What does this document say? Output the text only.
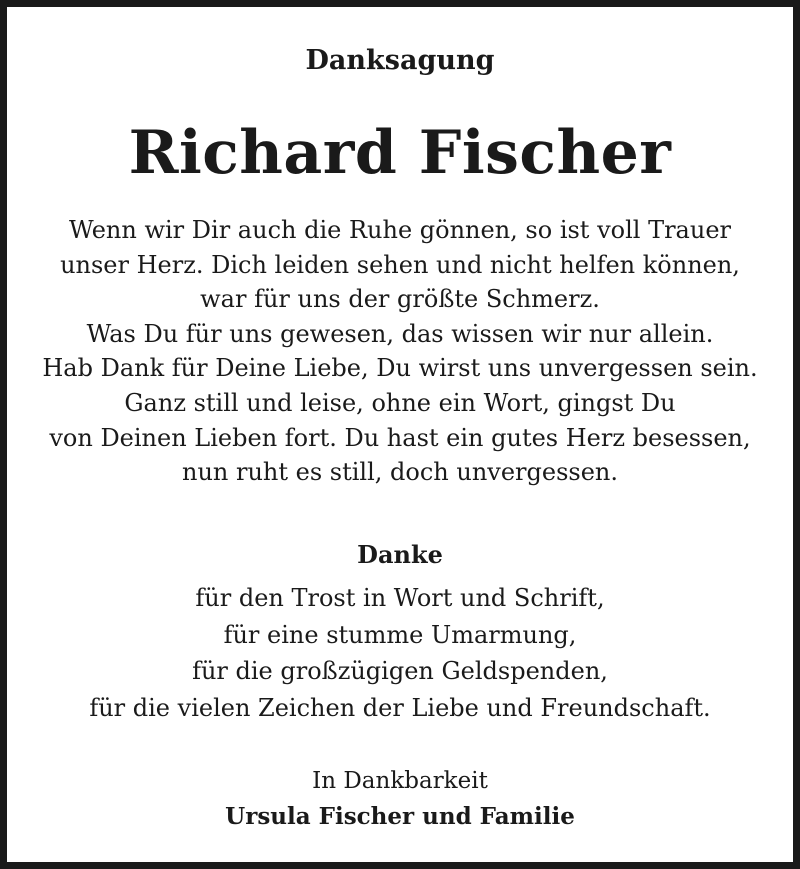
Danksagung
Richard Fischer
Wenn wir Dir auch die Ruhe gönnen, so ist voll Trauer
unser Herz. Dich leiden sehen und nicht helfen können,
war für uns der größte Schmerz.
Was Du für uns gewesen, das wissen wir nur allein.
Hab Dank für Deine Liebe, Du wirst uns unvergessen sein.
Ganz still und leise, ohne ein Wort, gingst Du
von Deinen Lieben fort. Du hast ein gutes Herz besessen,
nun ruht es still, doch unvergessen.
Danke
für den Trost in Wort und Schrift,
für eine stumme Umarmung,
für die großzügigen Geldspenden,
für die vielen Zeichen der Liebe und Freundschaft.
In Dankbarkeit
Ursula Fischer und Familie
